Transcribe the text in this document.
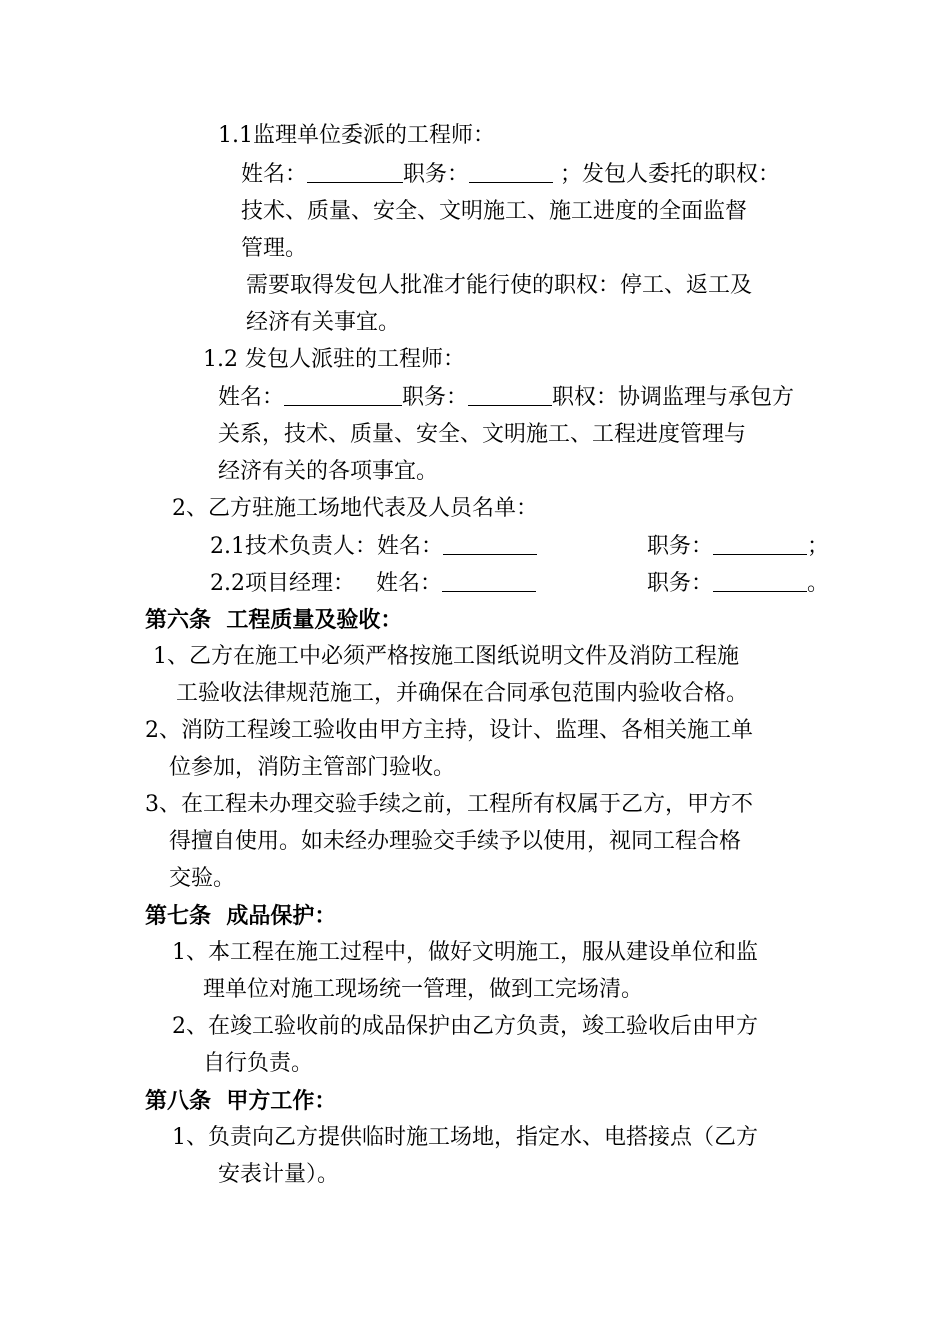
1.1监理单位委派的工程师：
姓名：	职务：	；发包人委托的职权：
技术、质量、安全、文明施工、施工进度的全面监督
管理。
需要取得发包人批准才能行使的职权：停工、返工及
经济有关事宜。
1.2 发包人派驻的工程师：
姓名：	职务：	职权：协调监理与承包方
关系，技术、质量、安全、文明施工、工程进度管理与
经济有关的各项事宜。
2、乙方驻施工场地代表及人员名单：
2.1技术负责人：姓名：	职务：	；
2.2项目经理：   姓名：	职务：	。
第六条  工程质量及验收：
1、乙方在施工中必须严格按施工图纸说明文件及消防工程施
工验收法律规范施工，并确保在合同承包范围内验收合格。
2、消防工程竣工验收由甲方主持，设计、监理、各相关施工单
位参加，消防主管部门验收。
3、在工程未办理交验手续之前，工程所有权属于乙方，甲方不
得擅自使用。如未经办理验交手续予以使用，视同工程合格
交验。
第七条  成品保护：
1、本工程在施工过程中，做好文明施工，服从建设单位和监
理单位对施工现场统一管理，做到工完场清。
2、在竣工验收前的成品保护由乙方负责，竣工验收后由甲方
自行负责。
第八条  甲方工作：
1、负责向乙方提供临时施工场地，指定水、电搭接点（乙方
安表计量）。
